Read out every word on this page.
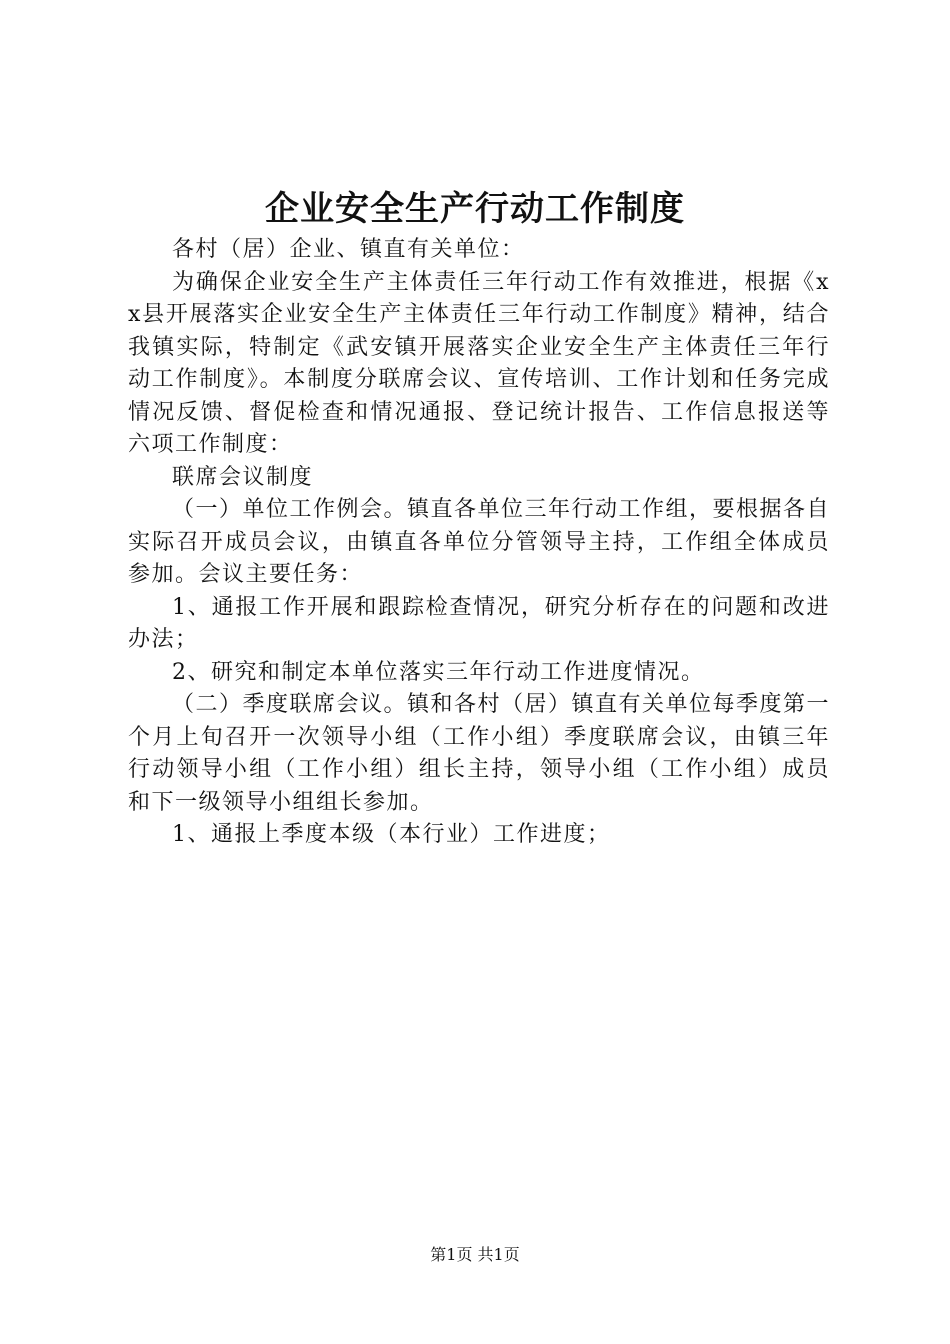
企业安全生产行动工作制度

各村（居）企业、镇直有关单位：

为确保企业安全生产主体责任三年行动工作有效推进，根据《xx县开展落实企业安全生产主体责任三年行动工作制度》精神，结合我镇实际，特制定《武安镇开展落实企业安全生产主体责任三年行动工作制度》。本制度分联席会议、宣传培训、工作计划和任务完成情况反馈、督促检查和情况通报、登记统计报告、工作信息报送等六项工作制度：

联席会议制度

（一）单位工作例会。镇直各单位三年行动工作组，要根据各自实际召开成员会议，由镇直各单位分管领导主持，工作组全体成员参加。会议主要任务：

1、通报工作开展和跟踪检查情况，研究分析存在的问题和改进办法；

2、研究和制定本单位落实三年行动工作进度情况。

（二）季度联席会议。镇和各村（居）镇直有关单位每季度第一个月上旬召开一次领导小组（工作小组）季度联席会议，由镇三年行动领导小组（工作小组）组长主持，领导小组（工作小组）成员和下一级领导小组组长参加。

1、通报上季度本级（本行业）工作进度；

第1页 共1页
